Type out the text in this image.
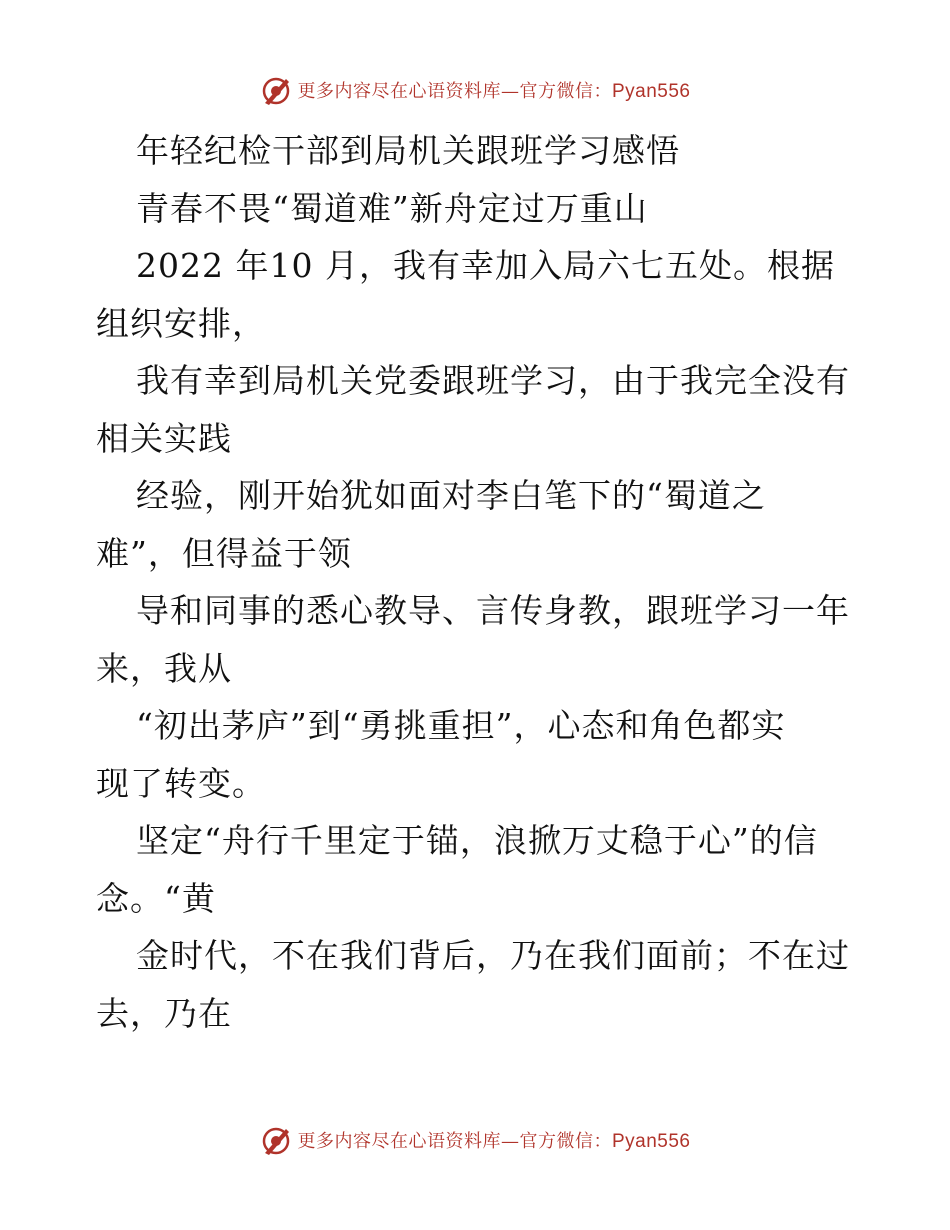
更多内容尽在心语资料库—官方微信：Pyan556
年轻纪检干部到局机关跟班学习感悟
青春不畏“蜀道难”新舟定过万重山
2022 年10 月，我有幸加入局六七五处。根据
组织安排，
我有幸到局机关党委跟班学习，由于我完全没有
相关实践
经验，刚开始犹如面对李白笔下的“蜀道之
难”，但得益于领
导和同事的悉心教导、言传身教，跟班学习一年
来，我从
“初出茅庐”到“勇挑重担”，心态和角色都实
现了转变。
坚定“舟行千里定于锚，浪掀万丈稳于心”的信
念。“黄
金时代，不在我们背后，乃在我们面前；不在过
去，乃在
更多内容尽在心语资料库—官方微信：Pyan556
